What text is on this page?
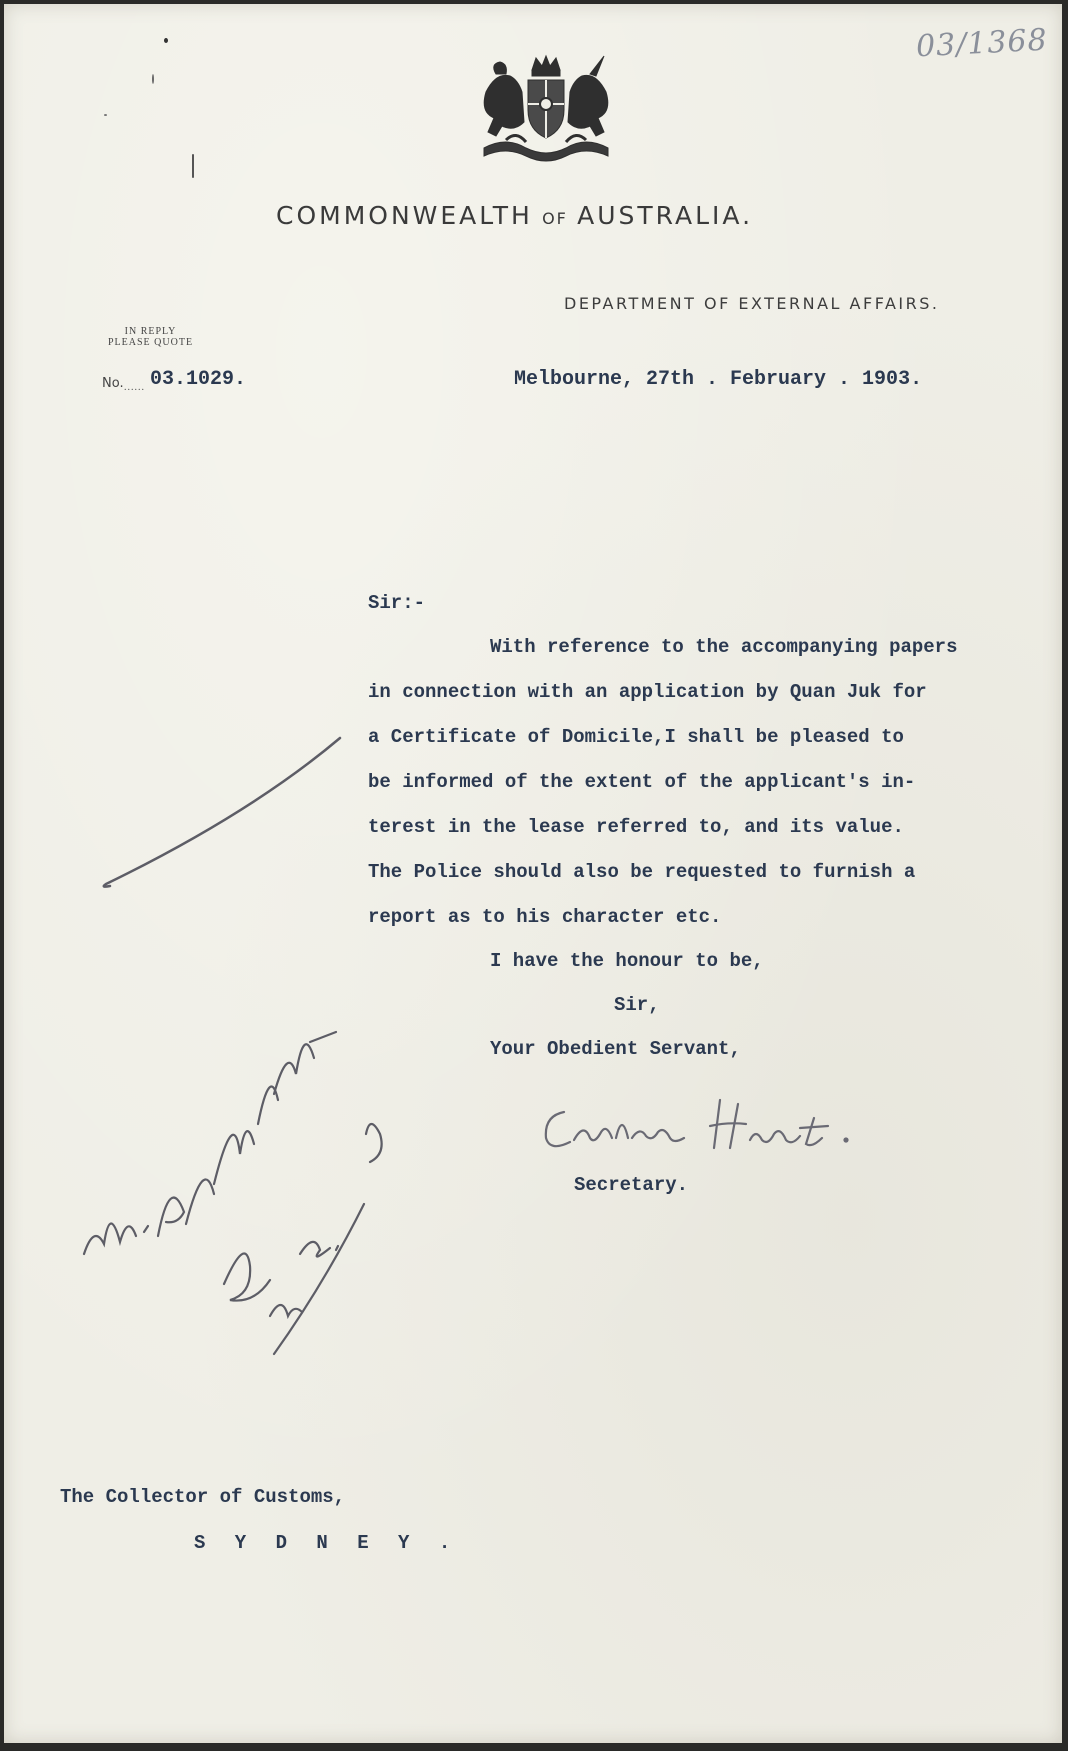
03/1368
COMMONWEALTH OF AUSTRALIA.
DEPARTMENT OF EXTERNAL AFFAIRS.
IN REPLY
PLEASE QUOTE
No. ...... 03.1029.	Melbourne, 27th . February . 1903.
Sir:-
With reference to the accompanying papers
in connection with an application by Quan Juk for
a Certificate of Domicile,I shall be pleased to
be informed of the extent of the applicant's in-
terest in the lease referred to, and its value.
The Police should also be requested to furnish a
report as to his character etc.
I have the honour to be,
Sir,
Your Obedient Servant,
Secretary.
The Collector of Customs,
S Y D N E Y .
